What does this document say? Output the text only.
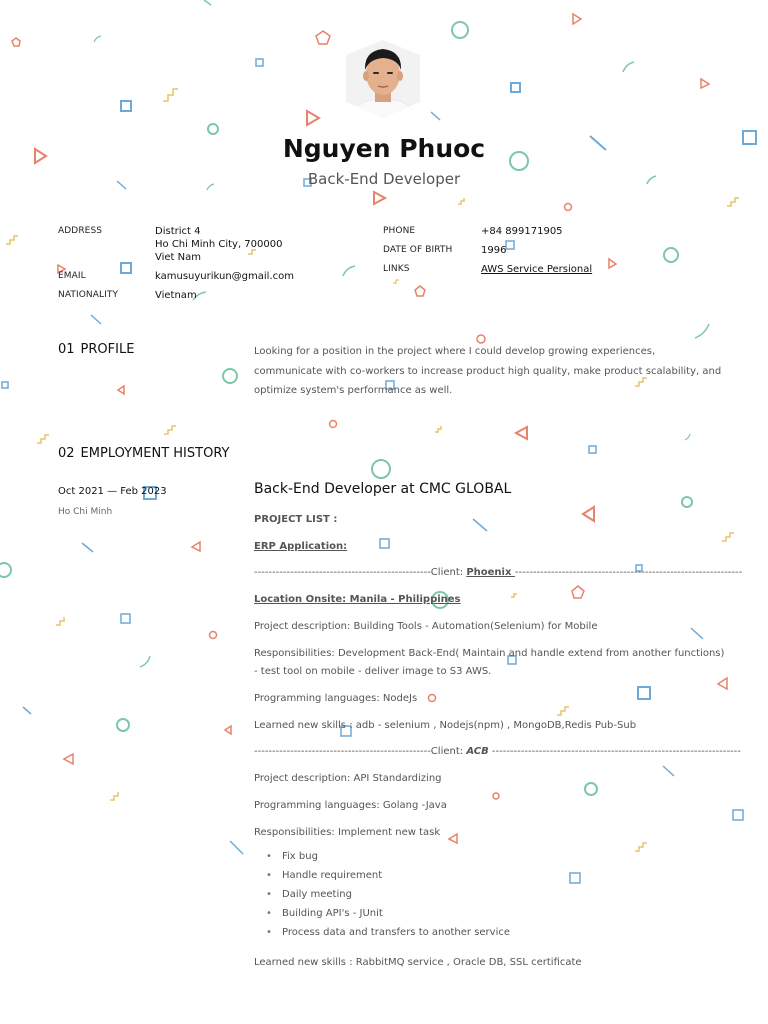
Nguyen Phuoc
Back-End Developer
ADDRESS	District 4
Ho Chi Minh City, 700000
Viet Nam
EMAIL	kamusuyurikun@gmail.com
NATIONALITY	Vietnam
PHONE	+84 899171905
DATE OF BIRTH	1996
LINKS	AWS Service Persional
01 PROFILE	Looking for a position in the project where I could develop growing experiences, communicate with co-workers to increase product high quality, make product scalability, and optimize system's performance as well.
02 EMPLOYMENT HISTORY
Oct 2021 — Feb 2023
Ho Chi Minh
Back-End Developer at CMC GLOBAL
PROJECT LIST :
ERP Application:
-------------------------------------------------Client: Phoenix ---------------------------------------------------------------
Location Onsite: Manila - Philippines
Project description: Building Tools - Automation(Selenium) for Mobile
Responsibilities: Development Back-End( Maintain and handle extend from another functions)
- test tool on mobile - deliver image to S3 AWS.
Programming languages: NodeJs
Learned new skills : adb - selenium , Nodejs(npm) , MongoDB,Redis Pub-Sub
-------------------------------------------------Client: ACB ---------------------------------------------------------------------
Project description: API Standardizing
Programming languages: Golang -Java
Responsibilities: Implement new task
• Fix bug
• Handle requirement
• Daily meeting
• Building API's - JUnit
• Process data and transfers to another service
Learned new skills : RabbitMQ service , Oracle DB, SSL certificate
